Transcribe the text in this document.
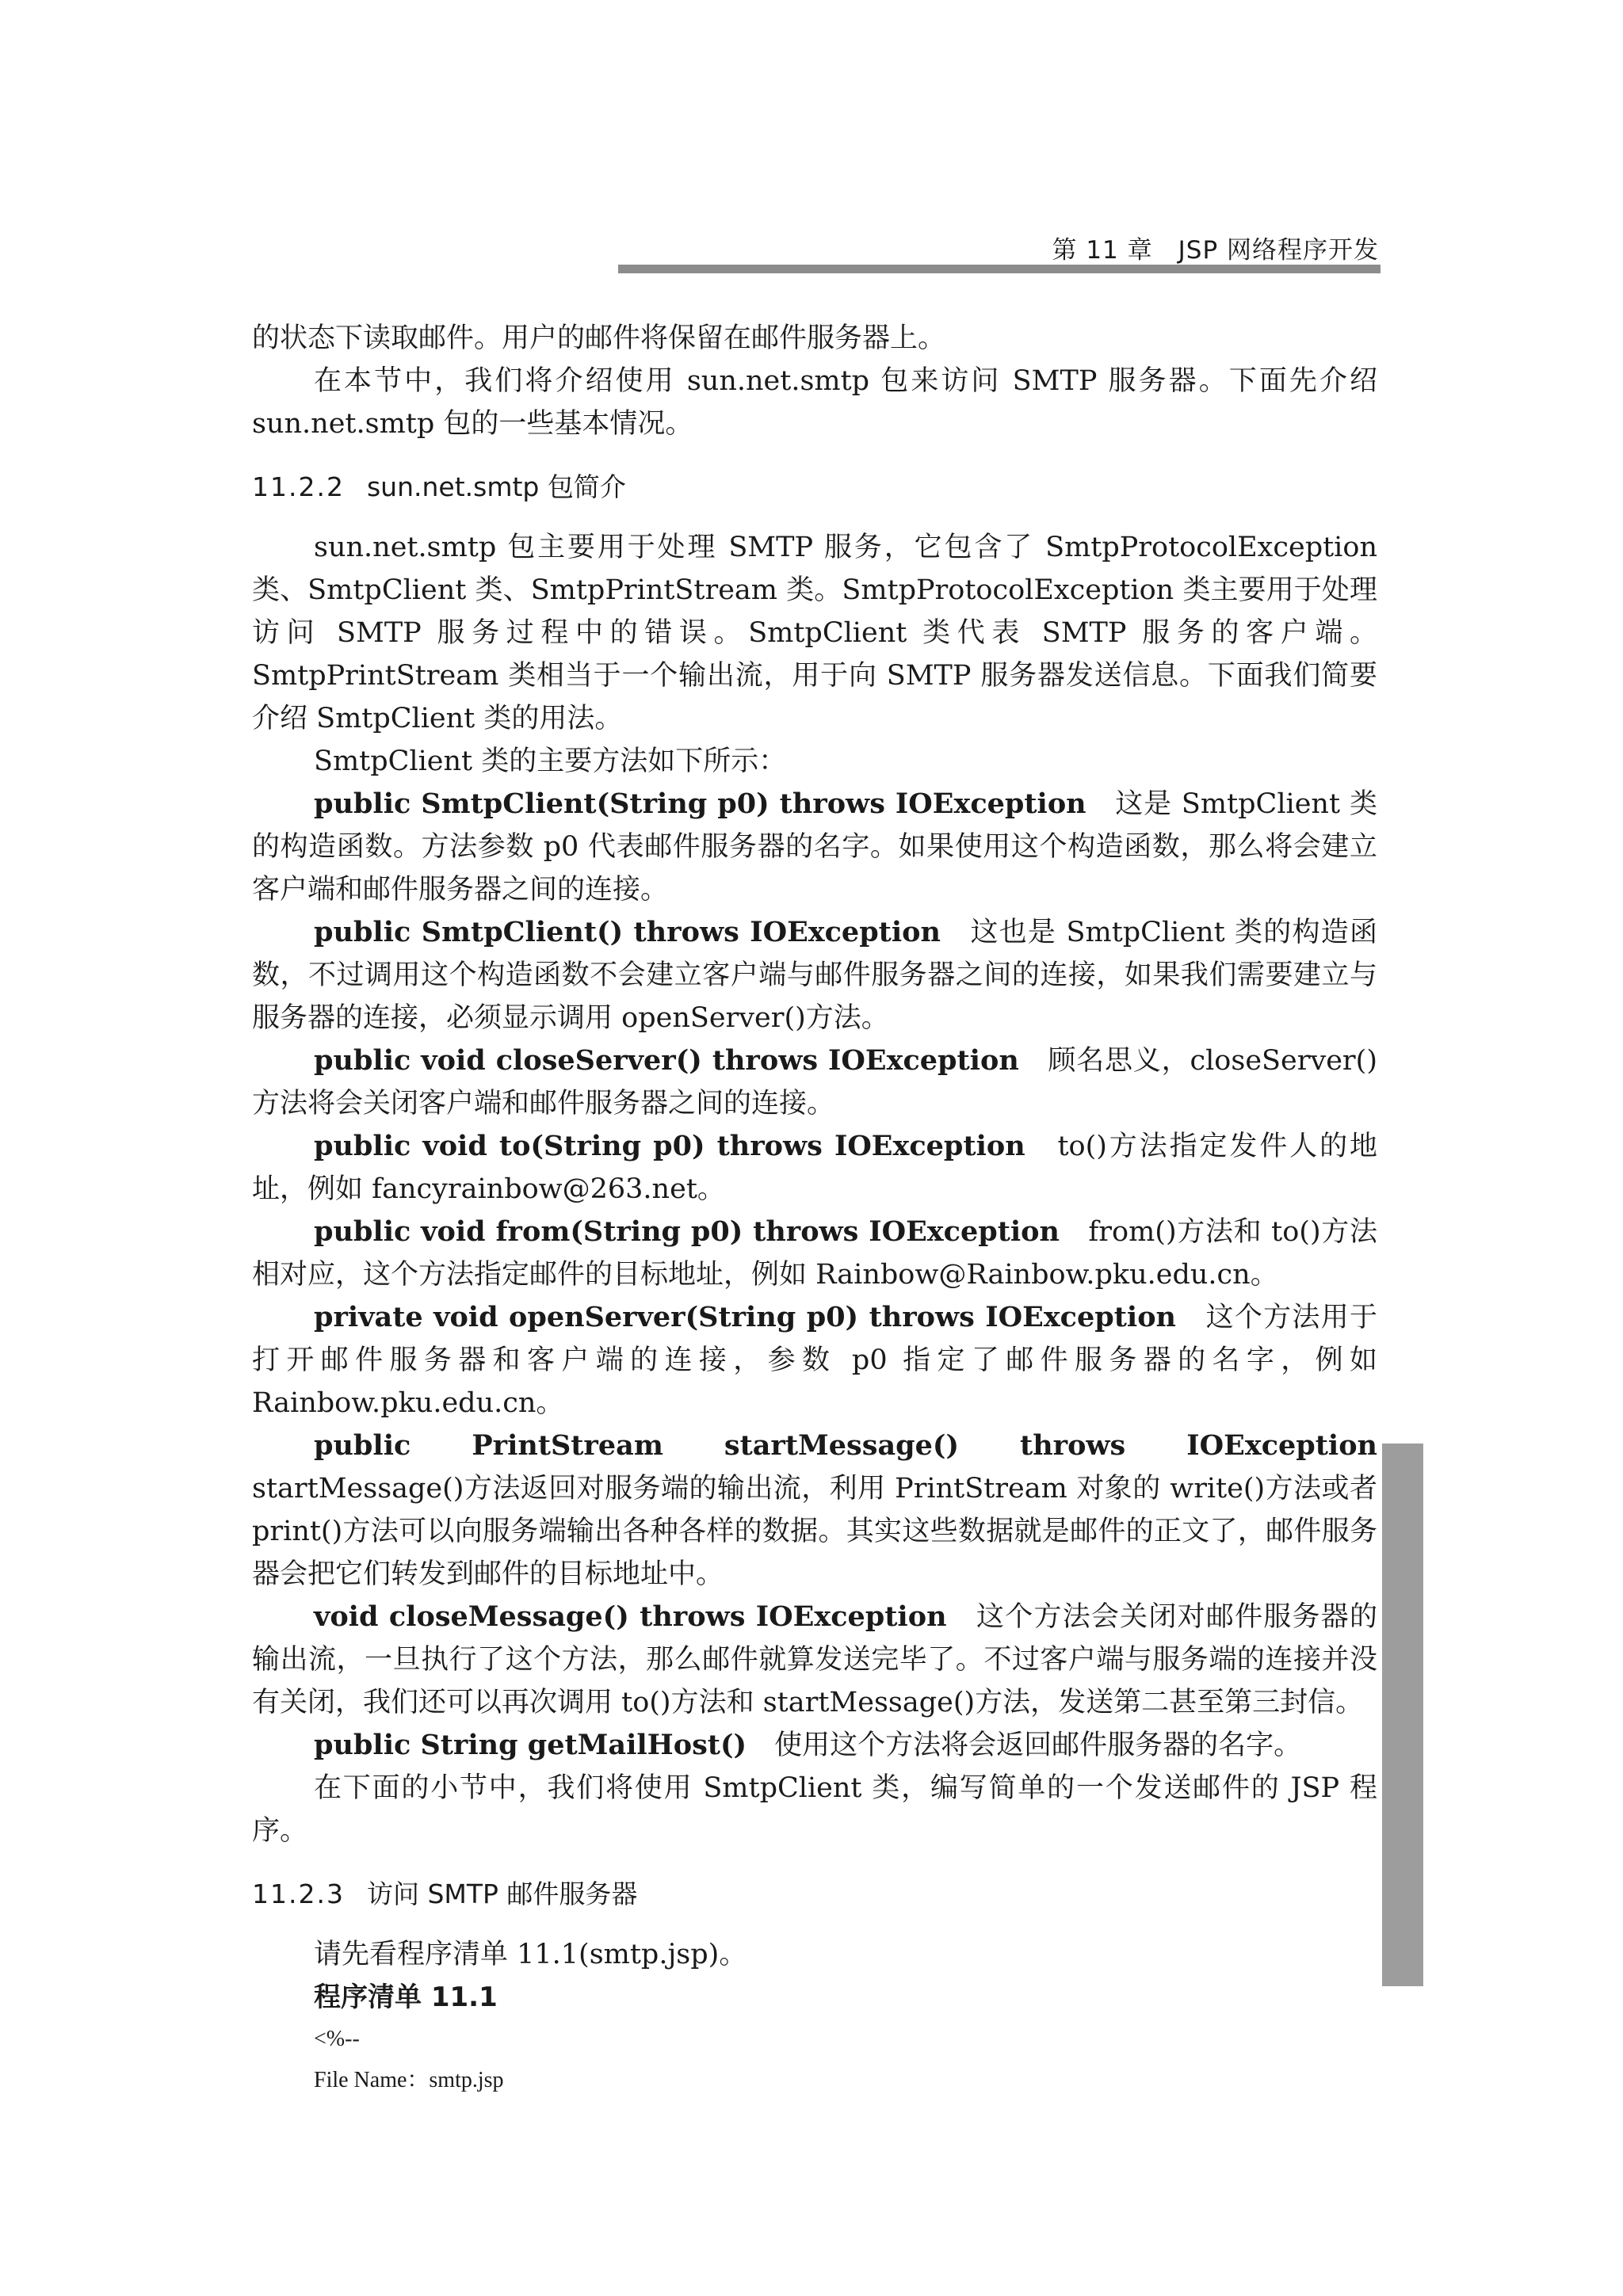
第 11 章　JSP 网络程序开发

的状态下读取邮件。用户的邮件将保留在邮件服务器上。

在本节中，我们将介绍使用 sun.net.smtp 包来访问 SMTP 服务器。下面先介绍 sun.net.smtp 包的一些基本情况。

11.2.2 sun.net.smtp 包简介

sun.net.smtp 包主要用于处理 SMTP 服务，它包含了 SmtpProtocolException 类、SmtpClient 类、SmtpPrintStream 类。SmtpProtocolException 类主要用于处理访问 SMTP 服务过程中的错误。SmtpClient 类代表 SMTP 服务的客户端。SmtpPrintStream 类相当于一个输出流，用于向 SMTP 服务器发送信息。下面我们简要介绍 SmtpClient 类的用法。

SmtpClient 类的主要方法如下所示：

public SmtpClient(String p0) throws IOException　 这是 SmtpClient 类的构造函数。方法参数 p0 代表邮件服务器的名字。如果使用这个构造函数，那么将会建立客户端和邮件服务器之间的连接。

public SmtpClient() throws IOException　 这也是 SmtpClient 类的构造函数，不过调用这个构造函数不会建立客户端与邮件服务器之间的连接，如果我们需要建立与服务器的连接，必须显示调用 openServer()方法。

public void closeServer() throws IOException　 顾名思义，closeServer()方法将会关闭客户端和邮件服务器之间的连接。

public void to(String p0) throws IOException　 to()方法指定发件人的地址，例如 fancyrainbow@263.net。

public void from(String p0) throws IOException　 from()方法和 to()方法相对应，这个方法指定邮件的目标地址，例如 Rainbow@Rainbow.pku.edu.cn。

private void openServer(String p0) throws IOException　 这个方法用于打开邮件服务器和客户端的连接，参数 p0 指定了邮件服务器的名字，例如 Rainbow.pku.edu.cn。

public PrintStream startMessage() throws IOException　startMessage()方法返回对服务端的输出流，利用 PrintStream 对象的 write()方法或者 print()方法可以向服务端输出各种各样的数据。其实这些数据就是邮件的正文了，邮件服务器会把它们转发到邮件的目标地址中。

void closeMessage() throws IOException　 这个方法会关闭对邮件服务器的输出流，一旦执行了这个方法，那么邮件就算发送完毕了。不过客户端与服务端的连接并没有关闭，我们还可以再次调用 to()方法和 startMessage()方法，发送第二甚至第三封信。

public String getMailHost()　 使用这个方法将会返回邮件服务器的名字。

在下面的小节中，我们将使用 SmtpClient 类，编写简单的一个发送邮件的 JSP 程序。

11.2.3 访问 SMTP 邮件服务器

请先看程序清单 11.1(smtp.jsp)。

程序清单 11.1
<%--
File Name：smtp.jsp
